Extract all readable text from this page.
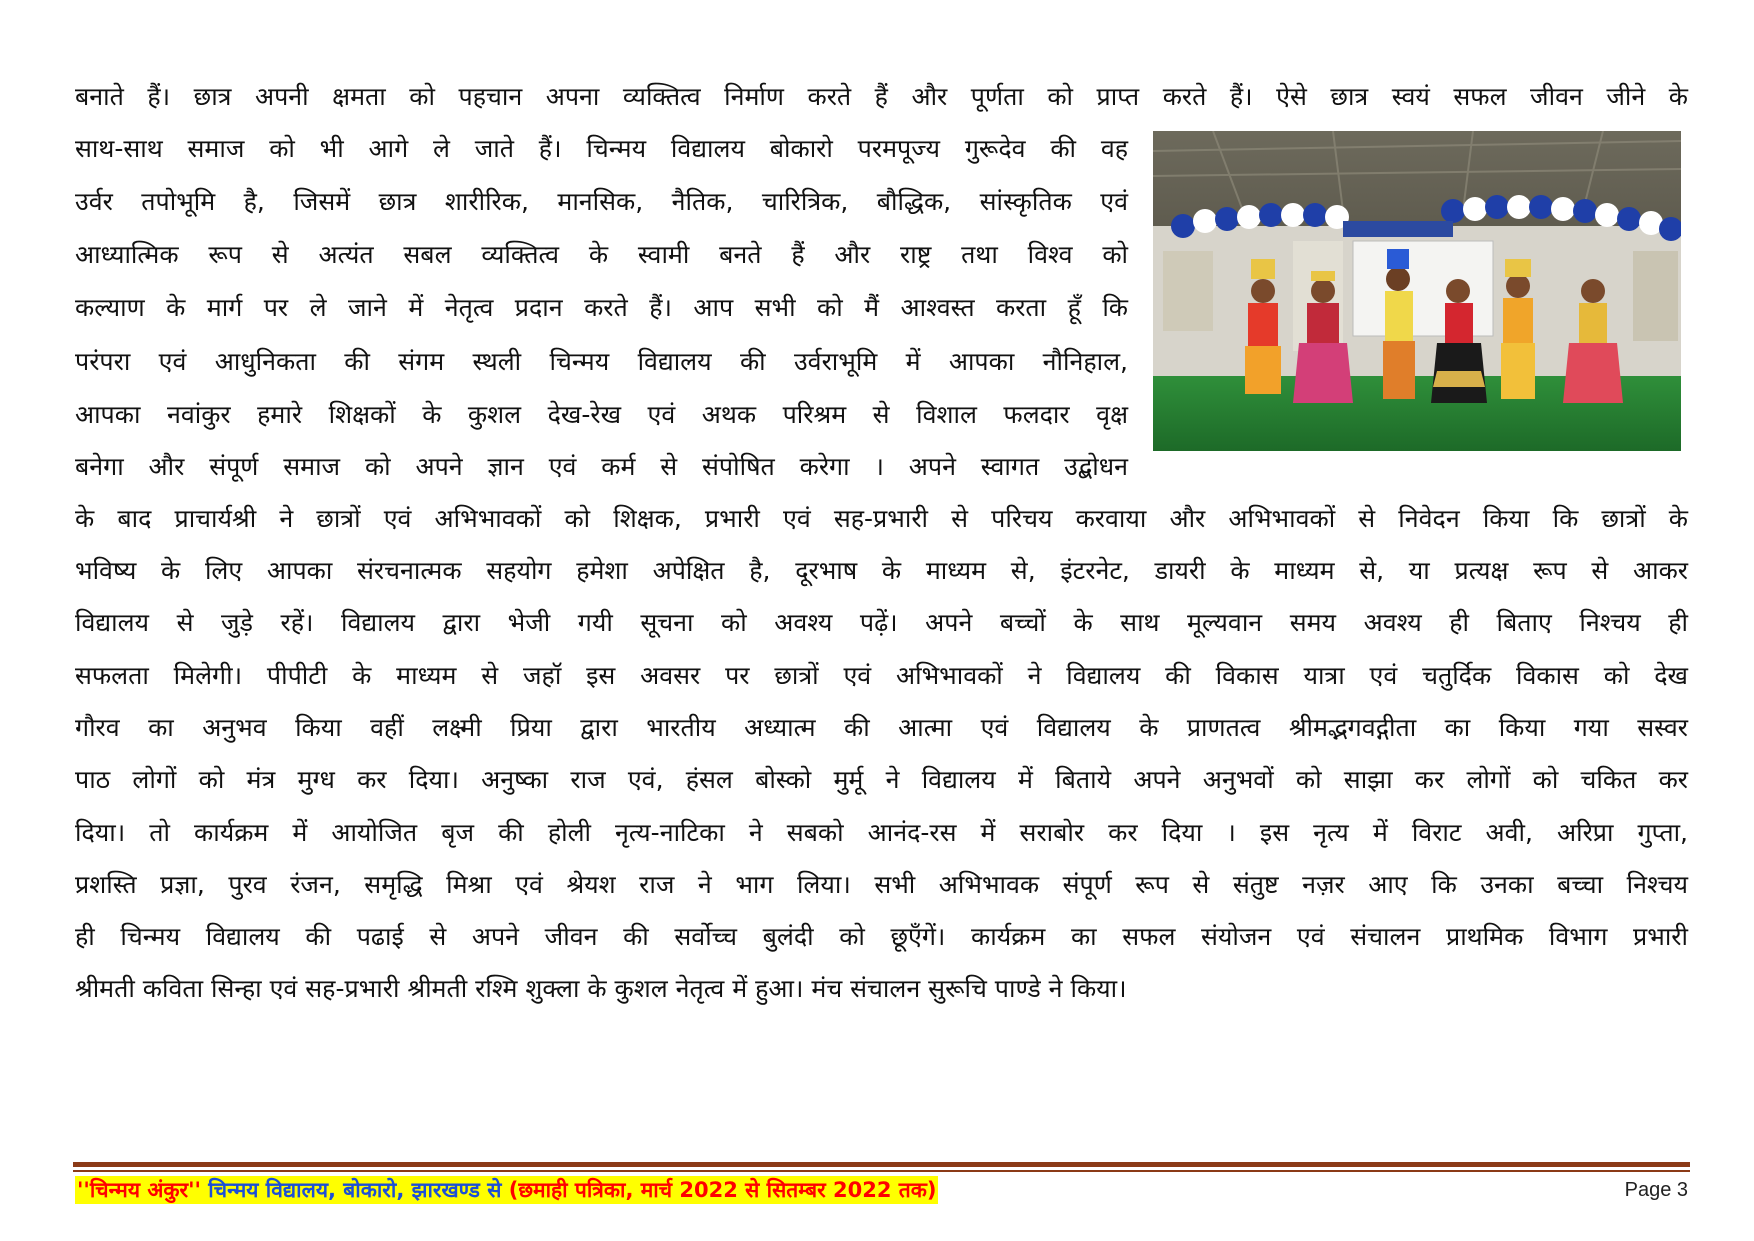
बनाते हैं। छात्र अपनी क्षमता को पहचान अपना व्यक्तित्व निर्माण करते हैं और पूर्णता को प्राप्त करते हैं। ऐसे छात्र स्वयं सफल जीवन जीने के
साथ-साथ समाज को भी आगे ले जाते हैं। चिन्मय विद्यालय बोकारो परमपूज्य गुरूदेव की वह
उर्वर तपोभूमि है, जिसमें छात्र शारीरिक, मानसिक, नैतिक, चारित्रिक, बौद्धिक, सांस्कृतिक एवं
आध्यात्मिक रूप से अत्यंत सबल व्यक्तित्व के स्वामी बनते हैं और राष्ट्र तथा विश्व को
कल्याण के मार्ग पर ले जाने में नेतृत्व प्रदान करते हैं। आप सभी को मैं आश्वस्त करता हूँ कि
परंपरा एवं आधुनिकता की संगम स्थली चिन्मय विद्यालय की उर्वराभूमि में आपका नौनिहाल,
आपका नवांकुर हमारे शिक्षकों के कुशल देख-रेख एवं अथक परिश्रम से विशाल फलदार वृक्ष
बनेगा और संपूर्ण समाज को अपने ज्ञान एवं कर्म से संपोषित करेगा । अपने स्वागत उद्बोधन
के बाद प्राचार्यश्री ने छात्रों एवं अभिभावकों को शिक्षक, प्रभारी एवं सह-प्रभारी से परिचय करवाया और अभिभावकों से निवेदन किया कि छात्रों के
भविष्य के लिए आपका संरचनात्मक सहयोग हमेशा अपेक्षित है, दूरभाष के माध्यम से, इंटरनेट, डायरी के माध्यम से, या प्रत्यक्ष रूप से आकर
विद्यालय से जुड़े रहें। विद्यालय द्वारा भेजी गयी सूचना को अवश्य पढ़ें। अपने बच्चों के साथ मूल्यवान समय अवश्य ही बिताए निश्चय ही
सफलता मिलेगी। पीपीटी के माध्यम से जहॉ इस अवसर पर छात्रों एवं अभिभावकों ने विद्यालय की विकास यात्रा एवं चतुर्दिक विकास को देख
गौरव का अनुभव किया वहीं लक्ष्मी प्रिया द्वारा भारतीय अध्यात्म की आत्मा एवं विद्यालय के प्राणतत्व श्रीमद्भगवद्गीता का किया गया सस्वर
पाठ लोगों को मंत्र मुग्ध कर दिया। अनुष्का राज एवं, हंसल बोस्को मुर्मू ने विद्यालय में बिताये अपने अनुभवों को साझा कर लोगों को चकित कर
दिया। तो कार्यक्रम में आयोजित बृज की होली नृत्य-नाटिका ने सबको आनंद-रस में सराबोर कर दिया । इस नृत्य में विराट अवी, अरिप्रा गुप्ता,
प्रशस्ति प्रज्ञा, पुरव रंजन, समृद्धि मिश्रा एवं श्रेयश राज ने भाग लिया। सभी अभिभावक संपूर्ण रूप से संतुष्ट नज़र आए कि उनका बच्चा निश्चय
ही चिन्मय विद्यालय की पढाई से अपने जीवन की सर्वोच्च बुलंदी को छूएँगें। कार्यक्रम का सफल संयोजन एवं संचालन प्राथमिक विभाग प्रभारी
श्रीमती कविता सिन्हा एवं सह-प्रभारी श्रीमती रश्मि शुक्ला के कुशल नेतृत्व में हुआ। मंच संचालन सुरूचि पाण्डे ने किया।
''चिन्मय अंकुर'' चिन्मय विद्यालय, बोकारो, झारखण्ड से (छमाही पत्रिका, मार्च 2022 से सितम्बर 2022 तक)	Page 3
